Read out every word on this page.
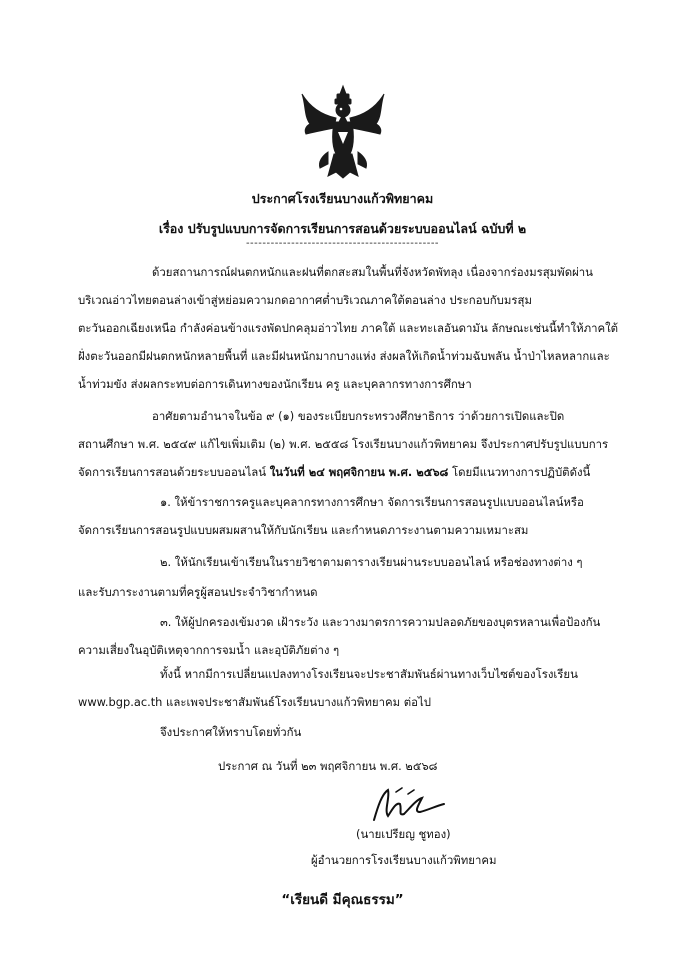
ประกาศโรงเรียนบางแก้วพิทยาคม
เรื่อง ปรับรูปแบบการจัดการเรียนการสอนด้วยระบบออนไลน์ ฉบับที่ ๒
-----------------------------------------------
ด้วยสถานการณ์ฝนตกหนักและฝนที่ตกสะสมในพื้นที่จังหวัดพัทลุง เนื่องจากร่องมรสุมพัดผ่าน
บริเวณอ่าวไทยตอนล่างเข้าสู่หย่อมความกดอากาศต่ำบริเวณภาคใต้ตอนล่าง ประกอบกับมรสุม
ตะวันออกเฉียงเหนือ กำลังค่อนข้างแรงพัดปกคลุมอ่าวไทย ภาคใต้ และทะเลอันดามัน ลักษณะเช่นนี้ทำให้ภาคใต้
ฝั่งตะวันออกมีฝนตกหนักหลายพื้นที่ และมีฝนหนักมากบางแห่ง ส่งผลให้เกิดน้ำท่วมฉับพลัน น้ำป่าไหลหลากและ
น้ำท่วมขัง ส่งผลกระทบต่อการเดินทางของนักเรียน ครู และบุคลากรทางการศึกษา
อาศัยตามอำนาจในข้อ ๙ (๑) ของระเบียบกระทรวงศึกษาธิการ ว่าด้วยการเปิดและปิด
สถานศึกษา พ.ศ. ๒๕๔๙ แก้ไขเพิ่มเติม (๒) พ.ศ. ๒๕๕๘ โรงเรียนบางแก้วพิทยาคม จึงประกาศปรับรูปแบบการ
จัดการเรียนการสอนด้วยระบบออนไลน์ ในวันที่ ๒๔ พฤศจิกายน พ.ศ. ๒๕๖๘ โดยมีแนวทางการปฏิบัติดังนี้
๑. ให้ข้าราชการครูและบุคลากรทางการศึกษา จัดการเรียนการสอนรูปแบบออนไลน์หรือ
จัดการเรียนการสอนรูปแบบผสมผสานให้กับนักเรียน และกำหนดภาระงานตามความเหมาะสม
๒. ให้นักเรียนเข้าเรียนในรายวิชาตามตารางเรียนผ่านระบบออนไลน์ หรือช่องทางต่าง ๆ
และรับภาระงานตามที่ครูผู้สอนประจำวิชากำหนด
๓. ให้ผู้ปกครองเข้มงวด เฝ้าระวัง และวางมาตรการความปลอดภัยของบุตรหลานเพื่อป้องกัน
ความเสี่ยงในอุบัติเหตุจากการจมน้ำ และอุบัติภัยต่าง ๆ
ทั้งนี้ หากมีการเปลี่ยนแปลงทางโรงเรียนจะประชาสัมพันธ์ผ่านทางเว็บไซต์ของโรงเรียน
www.bgp.ac.th และเพจประชาสัมพันธ์โรงเรียนบางแก้วพิทยาคม ต่อไป
จึงประกาศให้ทราบโดยทั่วกัน
ประกาศ ณ วันที่ ๒๓ พฤศจิกายน พ.ศ. ๒๕๖๘
(นายเปรียญ ชูทอง)
ผู้อำนวยการโรงเรียนบางแก้วพิทยาคม
“เรียนดี มีคุณธรรม”
